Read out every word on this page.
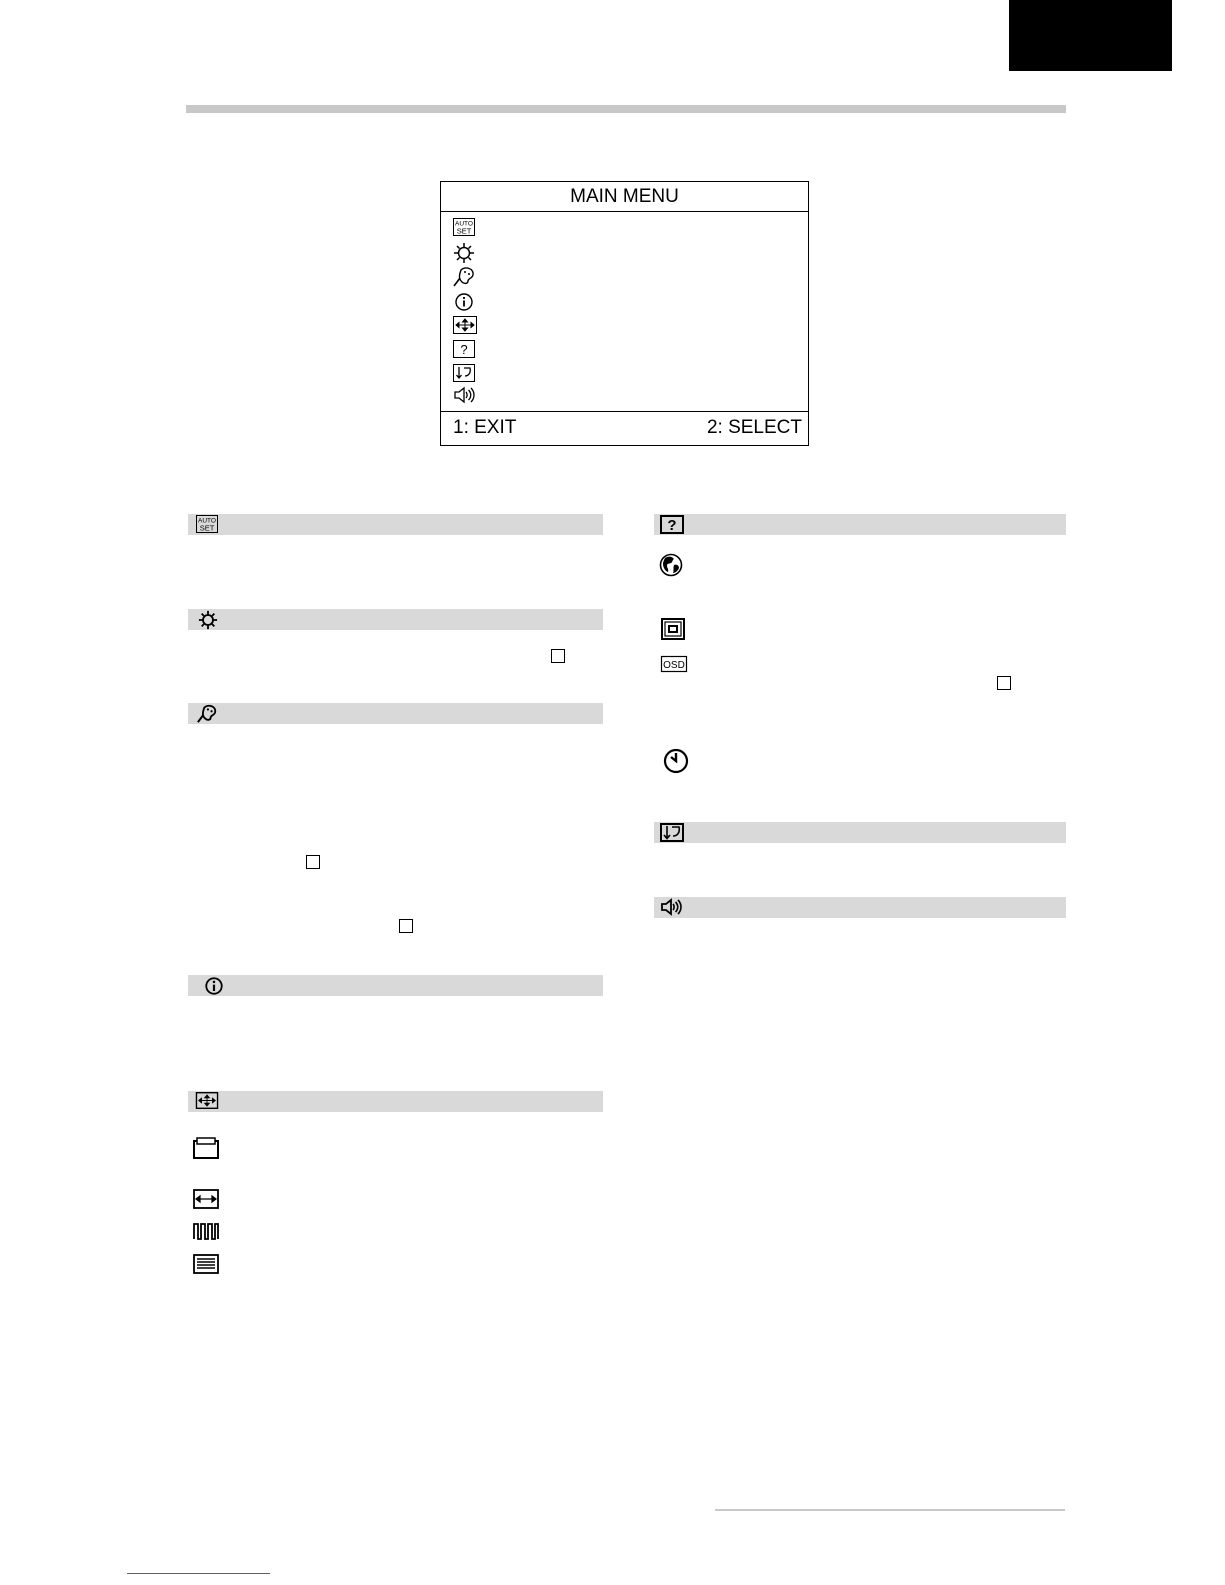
MAIN MENU
AUTO
SET
?
1: EXIT	2: SELECT
AUTO
SET	?
OSD
